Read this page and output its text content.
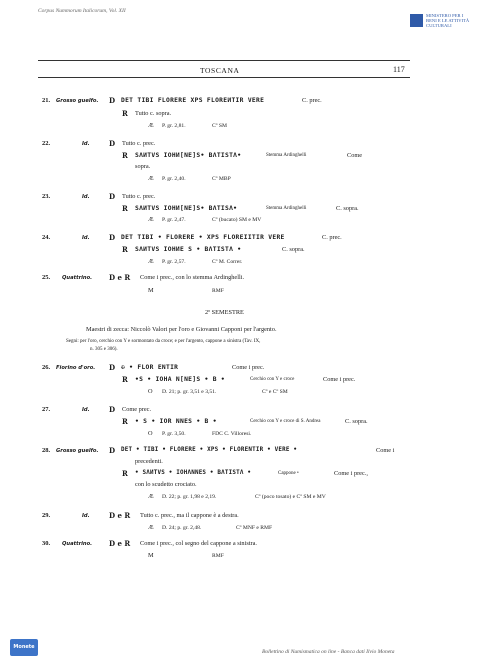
Corpus Nummorum Italicorum, Vol. XII
MINISTERO PER I BENI E LE ATTIVITÀ CULTURALI
TOSCANA	117
21. Grosso guelfo. D DET TIBI FLORERE XPS FLOREИTIR VERE	C. prec.
R Tutto c. sopra.
Æ P. gr. 2,81.	Cº SM
22.	Id.	D Tutto c. prec.
R SΛИTVS IOHИ[NE]S• BΛTISTΛ•	Stemma Ardinghelli	Come
sopra.
Æ P. gr. 2,40.	Cº MBP
23.	Id.	D Tutto c. prec.
R SΛИTVS IOHИ[NE]S• BΛTISΛ•	Stemma Ardinghelli	C. sopra.
Æ P. gr. 2,47.	Cº (bucato) SM e MV
24.	Id.	D DET TIBI • FLORERE • XPS FLOREIITIR VERE	C. prec.
R SΛИTVS IOHИE S • BΛTISTΛ •	C. sopra.
Æ P. gr. 2,57.	Cº M. Correr.
25. Quattrino. D e R Come i prec., con lo stemma Ardinghelli.
M	RMF
2º SEMESTRE
Maestri di zecca: Niccolò Valori per l'oro e Giovanni Capponi per l'argento.
Segni: per l'oro, cerchio con Y e sormontato da croce; e per l'argento, cappone a sinistra (Tav. IX,
n. 305 e 306).
26. Fiorino d'oro. D ✠ • FLOR ENTIR	Come i prec.
R •S • IOHA N[NE]S • B •	Cerchio con Y e croce	Come i prec.
O D. 21; p. gr. 3,51 e 3,51.	Cº e Cº SM
27.	Id.	D Come prec.
R • S • IOR NNES • B •	Cerchio con Y e croce di S. Andrea	C. sopra.
O P. gr. 3,50.	FDC C. Villoresi.
28. Grosso guelfo. D DET • TIBI • FLORERE • XPS • FLORENTIR • VERE •	Come i
precedenti.
R • SΛИTVS • IOHΛNNES • BΛTISTΛ •	Cappone •	Come i prec.,
con lo scudetto crociato.
Æ D. 22; p. gr. 1,98 e 2,19.	Cº (poco tosato) e Cº SM e MV
29.	Id.	D e R Tutto c. prec., ma il cappone è a destra.
Æ D. 24; p. gr. 2,48.	Cº MNF e RMF
30. Quattrino. D e R Come i prec., col segno del cappone a sinistra.
M	RMF
Monete
Bollettino di Numismatica on line - Banca dati Ilvio Moneta
